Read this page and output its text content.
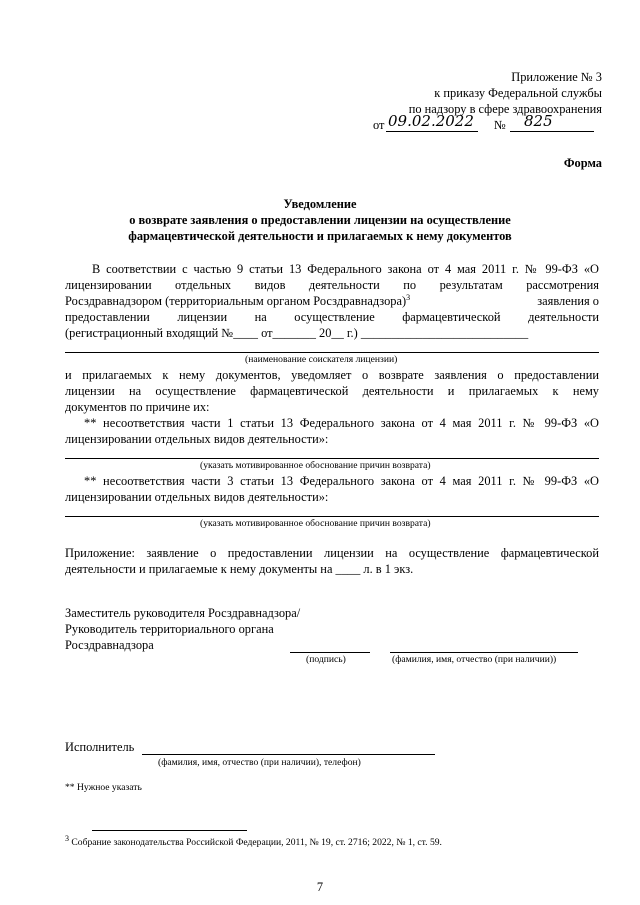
Приложение № 3
к приказу Федеральной службы
по надзору в сфере здравоохранения
от 09.02.2022 № 825
Форма
Уведомление
о возврате заявления о предоставлении лицензии на осуществление
фармацевтической деятельности и прилагаемых к нему документов
В соответствии с частью 9 статьи 13 Федерального закона от 4 мая 2011 г. № 99-ФЗ «О
лицензировании отдельных видов деятельности по результатам рассмотрения
Росздравнадзором (территориальным органом Росздравнадзора)$^3$	заявления о
предоставлении лицензии на осуществление фармацевтической деятельности
(регистрационный входящий №____ от_______ 20__ г.) ___________________________
(наименование соискателя лицензии)
и прилагаемых к нему документов, уведомляет о возврате заявления о предоставлении
лицензии на осуществление фармацевтической деятельности и прилагаемых к нему
документов по причине их:
** несоответствия части 1 статьи 13 Федерального закона от 4 мая 2011 г. № 99-ФЗ «О
лицензировании отдельных видов деятельности»:
(указать мотивированное обоснование причин возврата)
** несоответствия части 3 статьи 13 Федерального закона от 4 мая 2011 г. № 99-ФЗ «О
лицензировании отдельных видов деятельности»:
(указать мотивированное обоснование причин возврата)
Приложение: заявление о предоставлении лицензии на осуществление фармацевтической
деятельности и прилагаемые к нему документы на ____ л. в 1 экз.
Заместитель руководителя Росздравнадзора/
Руководитель территориального органа
Росздравнадзора
(подпись)	(фамилия, имя, отчество (при наличии))
Исполнитель
(фамилия, имя, отчество (при наличии), телефон)
** Нужное указать
$^3$ Собрание законодательства Российской Федерации, 2011, № 19, ст. 2716; 2022, № 1, ст. 59.
7
